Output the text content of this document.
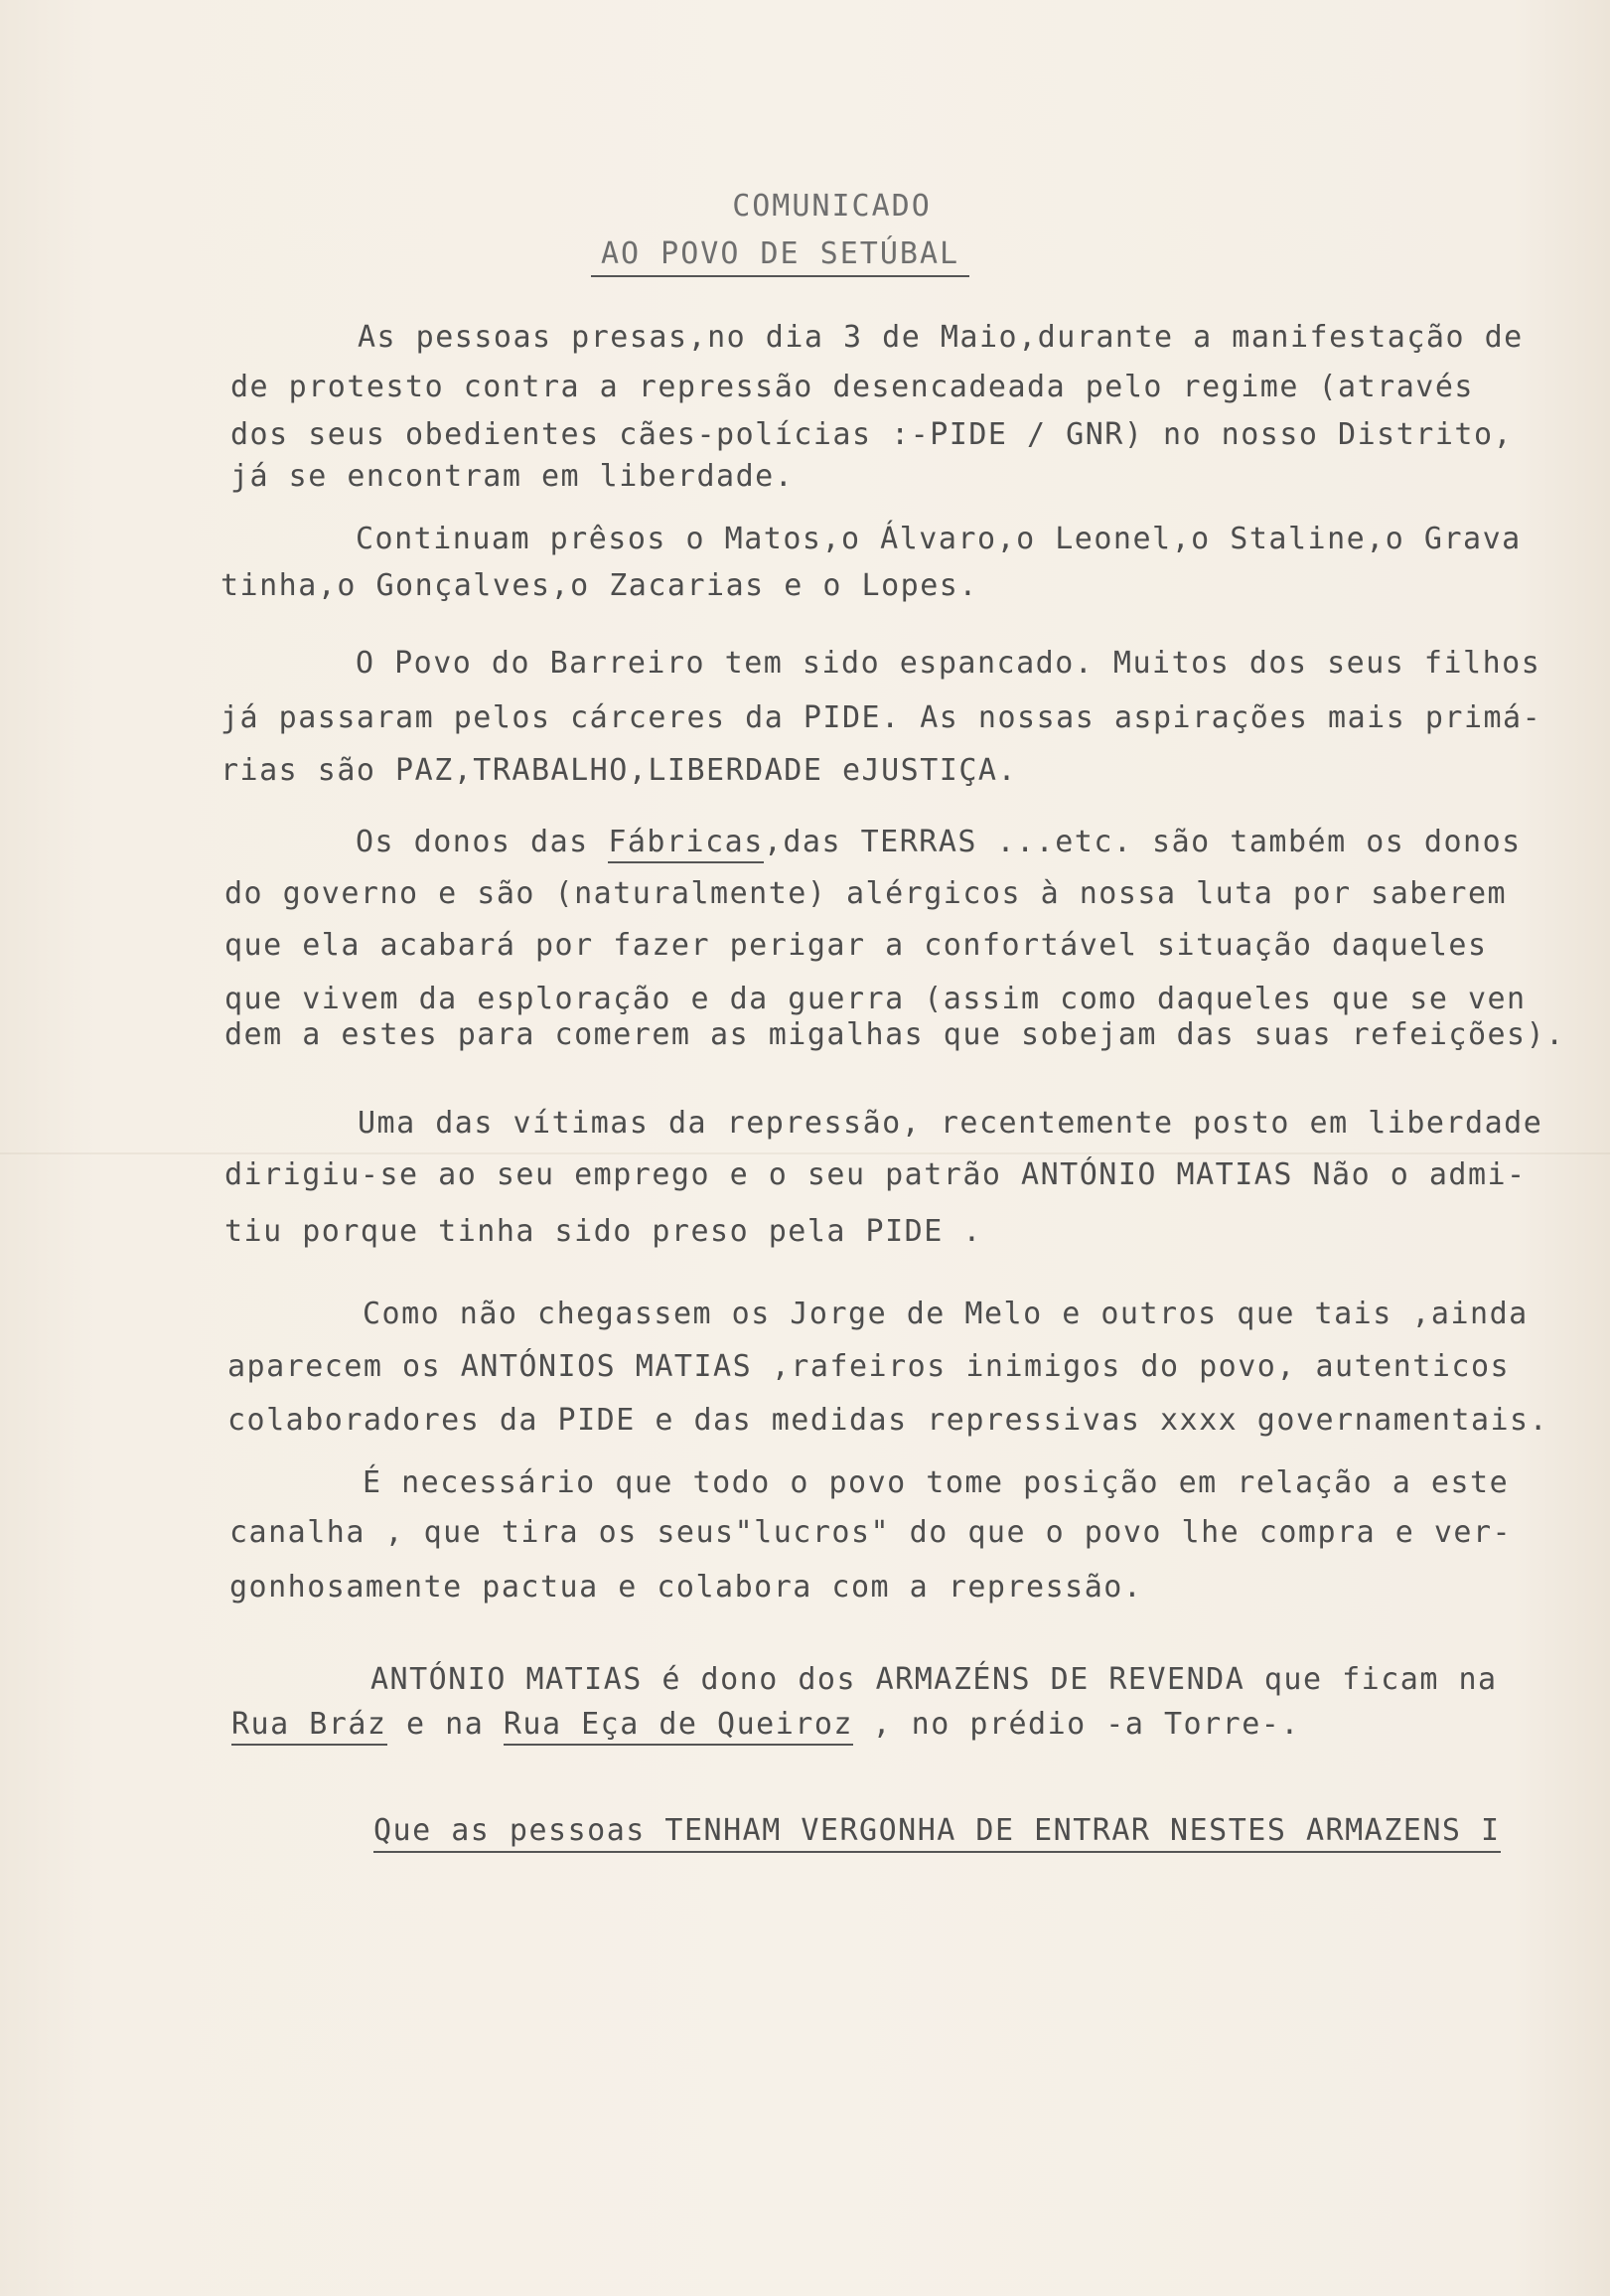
COMUNICADO
AO POVO DE SETÚBAL
As pessoas presas,no dia 3 de Maio,durante a manifestação de
de protesto contra a repressão desencadeada pelo regime (através
dos seus obedientes cães-polícias :-PIDE / GNR) no nosso Distrito,
já se encontram em liberdade.
Continuam prêsos o Matos,o Álvaro,o Leonel,o Staline,o Grava
tinha,o Gonçalves,o Zacarias e o Lopes.
O Povo do Barreiro tem sido espancado. Muitos dos seus filhos
já passaram pelos cárceres da PIDE. As nossas aspirações mais primá-
rias são PAZ,TRABALHO,LIBERDADE eJUSTIÇA.
Os donos das Fábricas,das TERRAS ...etc. são também os donos
do governo e são (naturalmente) alérgicos à nossa luta por saberem
que ela acabará por fazer perigar a confortável situação daqueles
que vivem da esploração e da guerra (assim como daqueles que se ven
dem a estes para comerem as migalhas que sobejam das suas refeições).
Uma das vítimas da repressão, recentemente posto em liberdade
dirigiu-se ao seu emprego e o seu patrão ANTÓNIO MATIAS Não o admi-
tiu porque tinha sido preso pela PIDE .
Como não chegassem os Jorge de Melo e outros que tais ,ainda
aparecem os ANTÓNIOS MATIAS ,rafeiros inimigos do povo, autenticos
colaboradores da PIDE e das medidas repressivas xxxx governamentais.
É necessário que todo o povo tome posição em relação a este
canalha , que tira os seus"lucros" do que o povo lhe compra e ver-
gonhosamente pactua e colabora com a repressão.
ANTÓNIO MATIAS é dono dos ARMAZÉNS DE REVENDA que ficam na
Rua Bráz e na Rua Eça de Queiroz , no prédio -a Torre-.
Que as pessoas TENHAM VERGONHA DE ENTRAR NESTES ARMAZENS I
